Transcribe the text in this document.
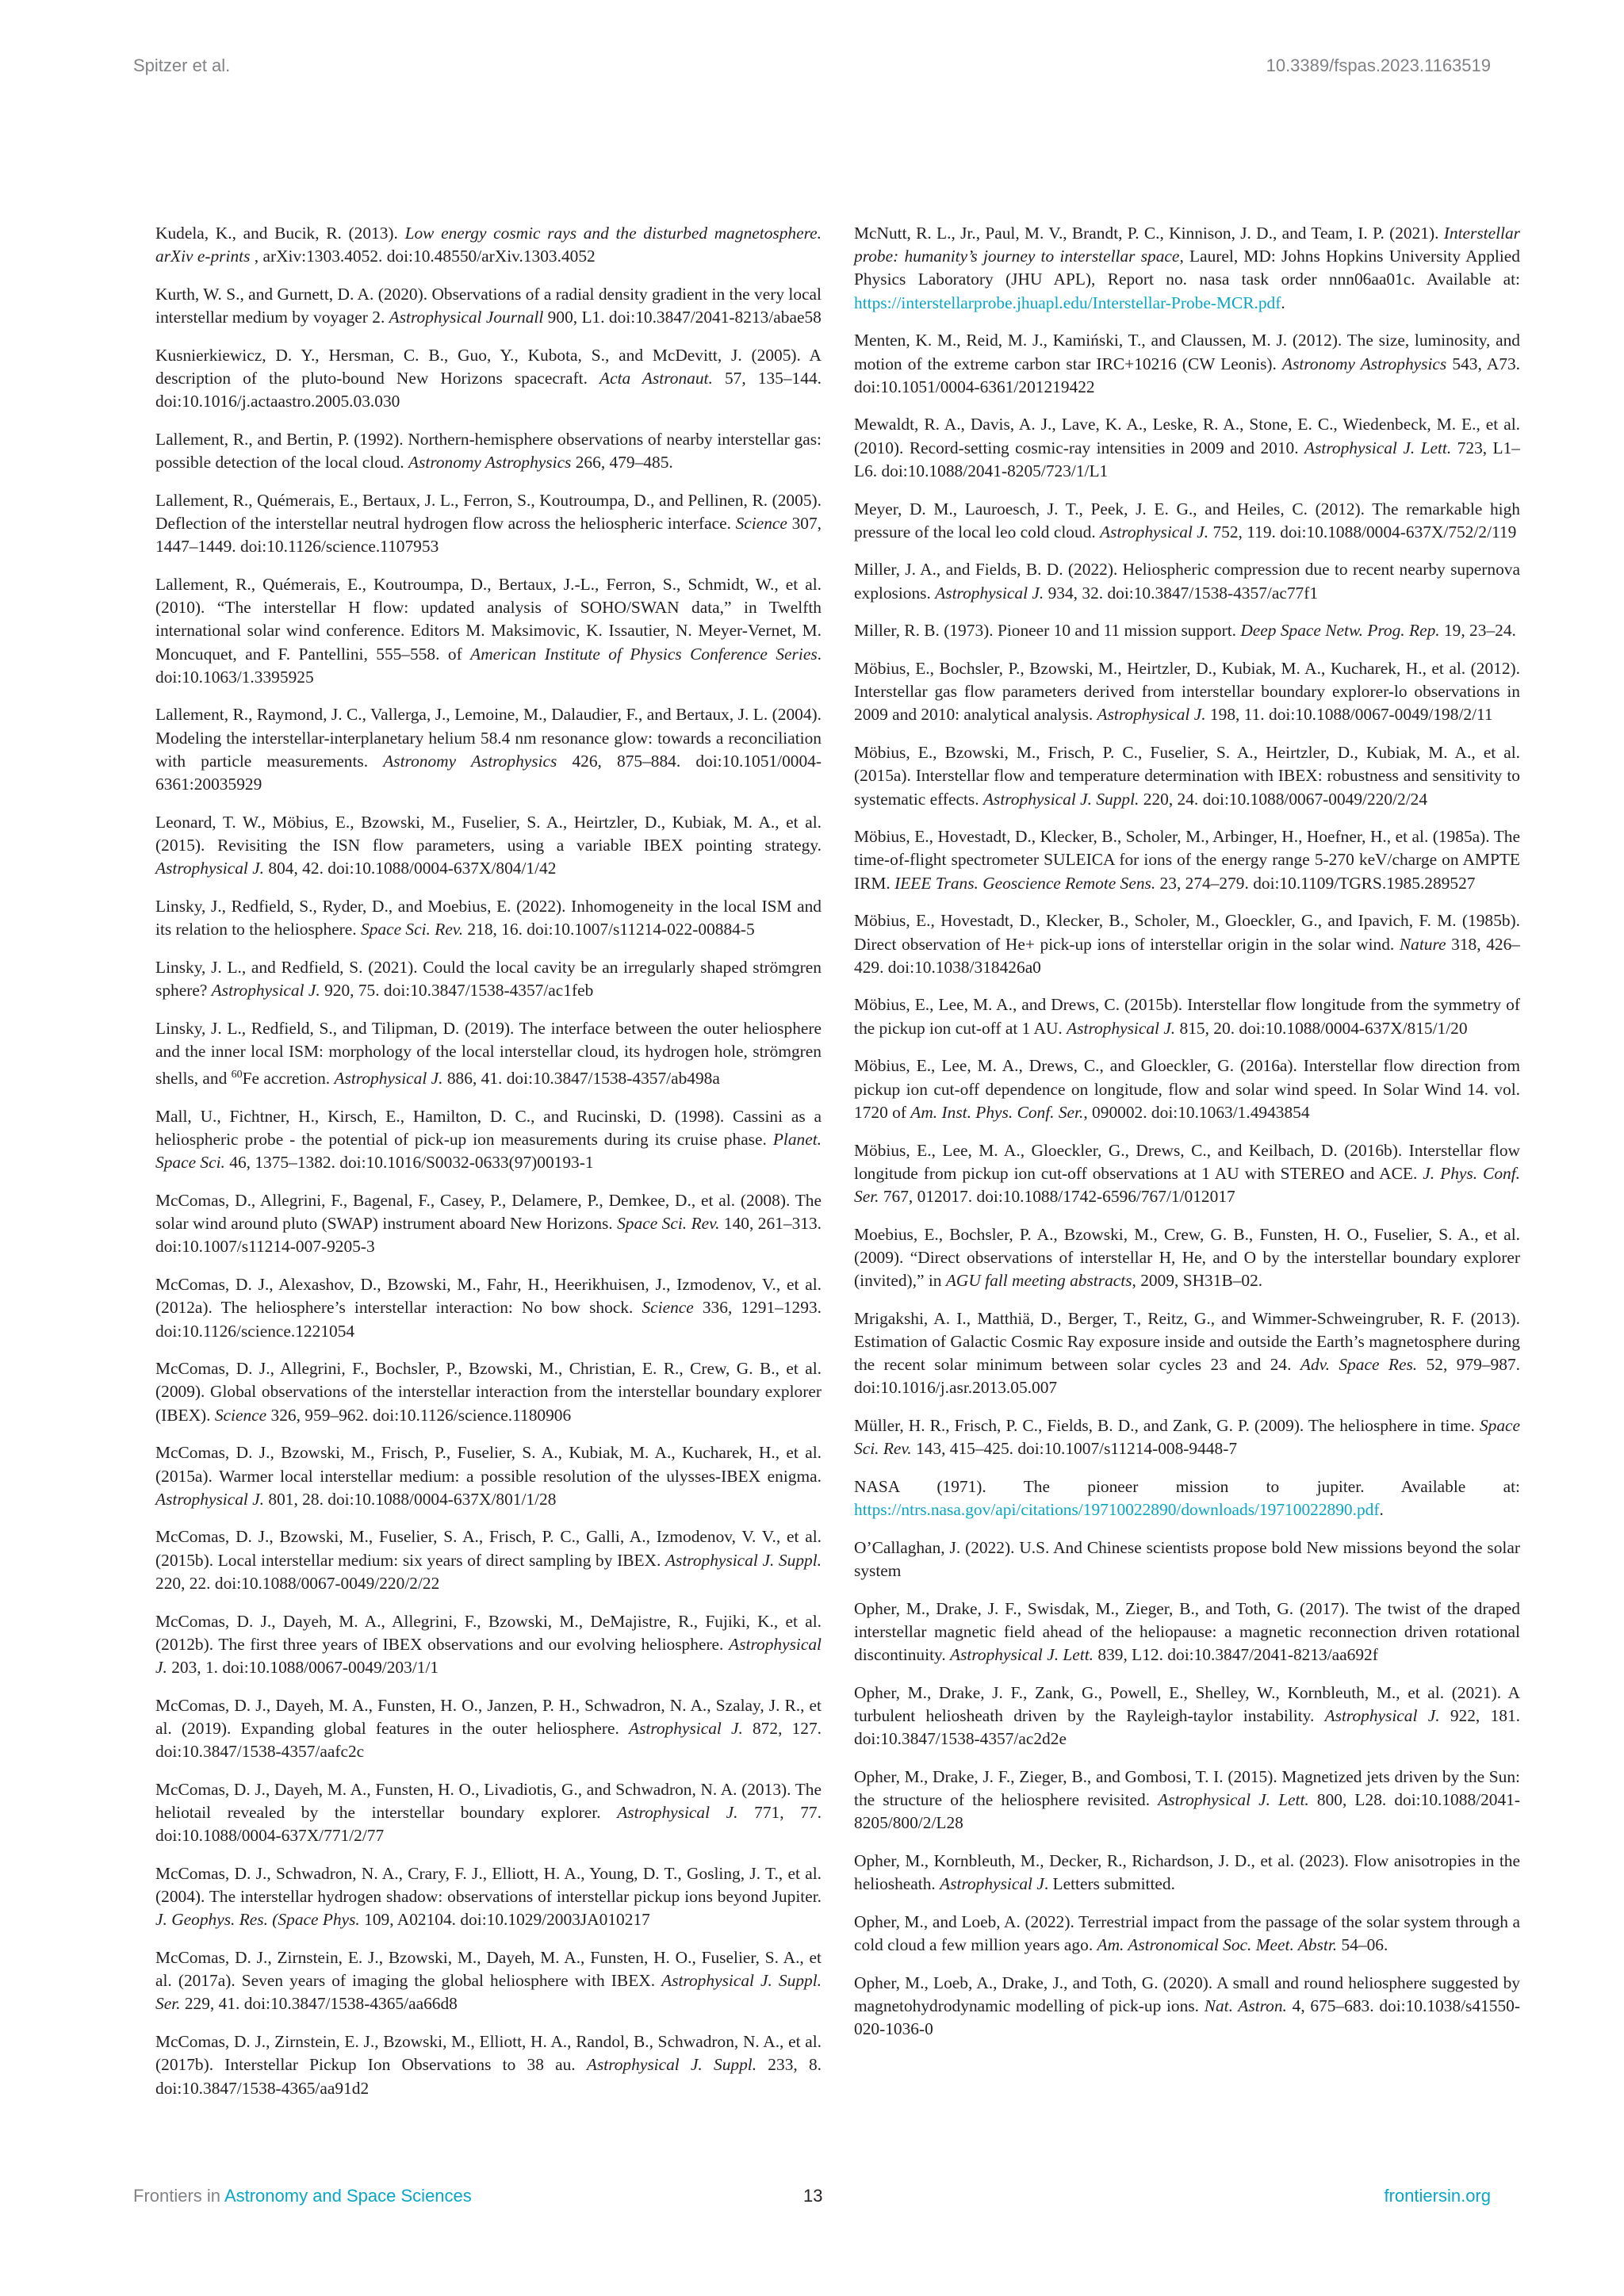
Spitzer et al.	10.3389/fspas.2023.1163519

Kudela, K., and Bucik, R. (2013). Low energy cosmic rays and the disturbed magnetosphere. arXiv e-prints , arXiv:1303.4052. doi:10.48550/arXiv.1303.4052

Kurth, W. S., and Gurnett, D. A. (2020). Observations of a radial density gradient in the very local interstellar medium by voyager 2. Astrophysical Journall 900, L1. doi:10.3847/2041-8213/abae58

Kusnierkiewicz, D. Y., Hersman, C. B., Guo, Y., Kubota, S., and McDevitt, J. (2005). A description of the pluto-bound New Horizons spacecraft. Acta Astronaut. 57, 135–144. doi:10.1016/j.actaastro.2005.03.030

Lallement, R., and Bertin, P. (1992). Northern-hemisphere observations of nearby interstellar gas: possible detection of the local cloud. Astronomy Astrophysics 266, 479–485.

Lallement, R., Quémerais, E., Bertaux, J. L., Ferron, S., Koutroumpa, D., and Pellinen, R. (2005). Deflection of the interstellar neutral hydrogen flow across the heliospheric interface. Science 307, 1447–1449. doi:10.1126/science.1107953

Lallement, R., Quémerais, E., Koutroumpa, D., Bertaux, J.-L., Ferron, S., Schmidt, W., et al. (2010). “The interstellar H flow: updated analysis of SOHO/SWAN data,” in Twelfth international solar wind conference. Editors M. Maksimovic, K. Issautier, N. Meyer-Vernet, M. Moncuquet, and F. Pantellini, 555–558. of American Institute of Physics Conference Series. doi:10.1063/1.3395925

Lallement, R., Raymond, J. C., Vallerga, J., Lemoine, M., Dalaudier, F., and Bertaux, J. L. (2004). Modeling the interstellar-interplanetary helium 58.4 nm resonance glow: towards a reconciliation with particle measurements. Astronomy Astrophysics 426, 875–884. doi:10.1051/0004-6361:20035929

Leonard, T. W., Möbius, E., Bzowski, M., Fuselier, S. A., Heirtzler, D., Kubiak, M. A., et al. (2015). Revisiting the ISN flow parameters, using a variable IBEX pointing strategy. Astrophysical J. 804, 42. doi:10.1088/0004-637X/804/1/42

Linsky, J., Redfield, S., Ryder, D., and Moebius, E. (2022). Inhomogeneity in the local ISM and its relation to the heliosphere. Space Sci. Rev. 218, 16. doi:10.1007/s11214-022-00884-5

Linsky, J. L., and Redfield, S. (2021). Could the local cavity be an irregularly shaped strömgren sphere? Astrophysical J. 920, 75. doi:10.3847/1538-4357/ac1feb

Linsky, J. L., Redfield, S., and Tilipman, D. (2019). The interface between the outer heliosphere and the inner local ISM: morphology of the local interstellar cloud, its hydrogen hole, strömgren shells, and $^{60}$Fe accretion. Astrophysical J. 886, 41. doi:10.3847/1538-4357/ab498a

Mall, U., Fichtner, H., Kirsch, E., Hamilton, D. C., and Rucinski, D. (1998). Cassini as a heliospheric probe - the potential of pick-up ion measurements during its cruise phase. Planet. Space Sci. 46, 1375–1382. doi:10.1016/S0032-0633(97)00193-1

McComas, D., Allegrini, F., Bagenal, F., Casey, P., Delamere, P., Demkee, D., et al. (2008). The solar wind around pluto (SWAP) instrument aboard New Horizons. Space Sci. Rev. 140, 261–313. doi:10.1007/s11214-007-9205-3

McComas, D. J., Alexashov, D., Bzowski, M., Fahr, H., Heerikhuisen, J., Izmodenov, V., et al. (2012a). The heliosphere’s interstellar interaction: No bow shock. Science 336, 1291–1293. doi:10.1126/science.1221054

McComas, D. J., Allegrini, F., Bochsler, P., Bzowski, M., Christian, E. R., Crew, G. B., et al. (2009). Global observations of the interstellar interaction from the interstellar boundary explorer (IBEX). Science 326, 959–962. doi:10.1126/science.1180906

McComas, D. J., Bzowski, M., Frisch, P., Fuselier, S. A., Kubiak, M. A., Kucharek, H., et al. (2015a). Warmer local interstellar medium: a possible resolution of the ulysses-IBEX enigma. Astrophysical J. 801, 28. doi:10.1088/0004-637X/801/1/28

McComas, D. J., Bzowski, M., Fuselier, S. A., Frisch, P. C., Galli, A., Izmodenov, V. V., et al. (2015b). Local interstellar medium: six years of direct sampling by IBEX. Astrophysical J. Suppl. 220, 22. doi:10.1088/0067-0049/220/2/22

McComas, D. J., Dayeh, M. A., Allegrini, F., Bzowski, M., DeMajistre, R., Fujiki, K., et al. (2012b). The first three years of IBEX observations and our evolving heliosphere. Astrophysical J. 203, 1. doi:10.1088/0067-0049/203/1/1

McComas, D. J., Dayeh, M. A., Funsten, H. O., Janzen, P. H., Schwadron, N. A., Szalay, J. R., et al. (2019). Expanding global features in the outer heliosphere. Astrophysical J. 872, 127. doi:10.3847/1538-4357/aafc2c

McComas, D. J., Dayeh, M. A., Funsten, H. O., Livadiotis, G., and Schwadron, N. A. (2013). The heliotail revealed by the interstellar boundary explorer. Astrophysical J. 771, 77. doi:10.1088/0004-637X/771/2/77

McComas, D. J., Schwadron, N. A., Crary, F. J., Elliott, H. A., Young, D. T., Gosling, J. T., et al. (2004). The interstellar hydrogen shadow: observations of interstellar pickup ions beyond Jupiter. J. Geophys. Res. (Space Phys. 109, A02104. doi:10.1029/2003JA010217

McComas, D. J., Zirnstein, E. J., Bzowski, M., Dayeh, M. A., Funsten, H. O., Fuselier, S. A., et al. (2017a). Seven years of imaging the global heliosphere with IBEX. Astrophysical J. Suppl. Ser. 229, 41. doi:10.3847/1538-4365/aa66d8

McComas, D. J., Zirnstein, E. J., Bzowski, M., Elliott, H. A., Randol, B., Schwadron, N. A., et al. (2017b). Interstellar Pickup Ion Observations to 38 au. Astrophysical J. Suppl. 233, 8. doi:10.3847/1538-4365/aa91d2

McNutt, R. L., Jr., Paul, M. V., Brandt, P. C., Kinnison, J. D., and Team, I. P. (2021). Interstellar probe: humanity’s journey to interstellar space, Laurel, MD: Johns Hopkins University Applied Physics Laboratory (JHU APL), Report no. nasa task order nnn06aa01c. Available at: https://interstellarprobe.jhuapl.edu/Interstellar-Probe-MCR.pdf.

Menten, K. M., Reid, M. J., Kamiński, T., and Claussen, M. J. (2012). The size, luminosity, and motion of the extreme carbon star IRC+10216 (CW Leonis). Astronomy Astrophysics 543, A73. doi:10.1051/0004-6361/201219422

Mewaldt, R. A., Davis, A. J., Lave, K. A., Leske, R. A., Stone, E. C., Wiedenbeck, M. E., et al. (2010). Record-setting cosmic-ray intensities in 2009 and 2010. Astrophysical J. Lett. 723, L1–L6. doi:10.1088/2041-8205/723/1/L1

Meyer, D. M., Lauroesch, J. T., Peek, J. E. G., and Heiles, C. (2012). The remarkable high pressure of the local leo cold cloud. Astrophysical J. 752, 119. doi:10.1088/0004-637X/752/2/119

Miller, J. A., and Fields, B. D. (2022). Heliospheric compression due to recent nearby supernova explosions. Astrophysical J. 934, 32. doi:10.3847/1538-4357/ac77f1

Miller, R. B. (1973). Pioneer 10 and 11 mission support. Deep Space Netw. Prog. Rep. 19, 23–24.

Möbius, E., Bochsler, P., Bzowski, M., Heirtzler, D., Kubiak, M. A., Kucharek, H., et al. (2012). Interstellar gas flow parameters derived from interstellar boundary explorer-lo observations in 2009 and 2010: analytical analysis. Astrophysical J. 198, 11. doi:10.1088/0067-0049/198/2/11

Möbius, E., Bzowski, M., Frisch, P. C., Fuselier, S. A., Heirtzler, D., Kubiak, M. A., et al. (2015a). Interstellar flow and temperature determination with IBEX: robustness and sensitivity to systematic effects. Astrophysical J. Suppl. 220, 24. doi:10.1088/0067-0049/220/2/24

Möbius, E., Hovestadt, D., Klecker, B., Scholer, M., Arbinger, H., Hoefner, H., et al. (1985a). The time-of-flight spectrometer SULEICA for ions of the energy range 5-270 keV/charge on AMPTE IRM. IEEE Trans. Geoscience Remote Sens. 23, 274–279. doi:10.1109/TGRS.1985.289527

Möbius, E., Hovestadt, D., Klecker, B., Scholer, M., Gloeckler, G., and Ipavich, F. M. (1985b). Direct observation of He+ pick-up ions of interstellar origin in the solar wind. Nature 318, 426–429. doi:10.1038/318426a0

Möbius, E., Lee, M. A., and Drews, C. (2015b). Interstellar flow longitude from the symmetry of the pickup ion cut-off at 1 AU. Astrophysical J. 815, 20. doi:10.1088/0004-637X/815/1/20

Möbius, E., Lee, M. A., Drews, C., and Gloeckler, G. (2016a). Interstellar flow direction from pickup ion cut-off dependence on longitude, flow and solar wind speed. In Solar Wind 14. vol. 1720 of Am. Inst. Phys. Conf. Ser., 090002. doi:10.1063/1.4943854

Möbius, E., Lee, M. A., Gloeckler, G., Drews, C., and Keilbach, D. (2016b). Interstellar flow longitude from pickup ion cut-off observations at 1 AU with STEREO and ACE. J. Phys. Conf. Ser. 767, 012017. doi:10.1088/1742-6596/767/1/012017

Moebius, E., Bochsler, P. A., Bzowski, M., Crew, G. B., Funsten, H. O., Fuselier, S. A., et al. (2009). “Direct observations of interstellar H, He, and O by the interstellar boundary explorer (invited),” in AGU fall meeting abstracts, 2009, SH31B–02.

Mrigakshi, A. I., Matthiä, D., Berger, T., Reitz, G., and Wimmer-Schweingruber, R. F. (2013). Estimation of Galactic Cosmic Ray exposure inside and outside the Earth’s magnetosphere during the recent solar minimum between solar cycles 23 and 24. Adv. Space Res. 52, 979–987. doi:10.1016/j.asr.2013.05.007

Müller, H. R., Frisch, P. C., Fields, B. D., and Zank, G. P. (2009). The heliosphere in time. Space Sci. Rev. 143, 415–425. doi:10.1007/s11214-008-9448-7

NASA (1971). The pioneer mission to jupiter. Available at: https://ntrs.nasa.gov/api/citations/19710022890/downloads/19710022890.pdf.

O’Callaghan, J. (2022). U.S. And Chinese scientists propose bold New missions beyond the solar system

Opher, M., Drake, J. F., Swisdak, M., Zieger, B., and Toth, G. (2017). The twist of the draped interstellar magnetic field ahead of the heliopause: a magnetic reconnection driven rotational discontinuity. Astrophysical J. Lett. 839, L12. doi:10.3847/2041-8213/aa692f

Opher, M., Drake, J. F., Zank, G., Powell, E., Shelley, W., Kornbleuth, M., et al. (2021). A turbulent heliosheath driven by the Rayleigh-taylor instability. Astrophysical J. 922, 181. doi:10.3847/1538-4357/ac2d2e

Opher, M., Drake, J. F., Zieger, B., and Gombosi, T. I. (2015). Magnetized jets driven by the Sun: the structure of the heliosphere revisited. Astrophysical J. Lett. 800, L28. doi:10.1088/2041-8205/800/2/L28

Opher, M., Kornbleuth, M., Decker, R., Richardson, J. D., et al. (2023). Flow anisotropies in the heliosheath. Astrophysical J. Letters submitted.

Opher, M., and Loeb, A. (2022). Terrestrial impact from the passage of the solar system through a cold cloud a few million years ago. Am. Astronomical Soc. Meet. Abstr. 54–06.

Opher, M., Loeb, A., Drake, J., and Toth, G. (2020). A small and round heliosphere suggested by magnetohydrodynamic modelling of pick-up ions. Nat. Astron. 4, 675–683. doi:10.1038/s41550-020-1036-0

Frontiers in Astronomy and Space Sciences	13	frontiersin.org
